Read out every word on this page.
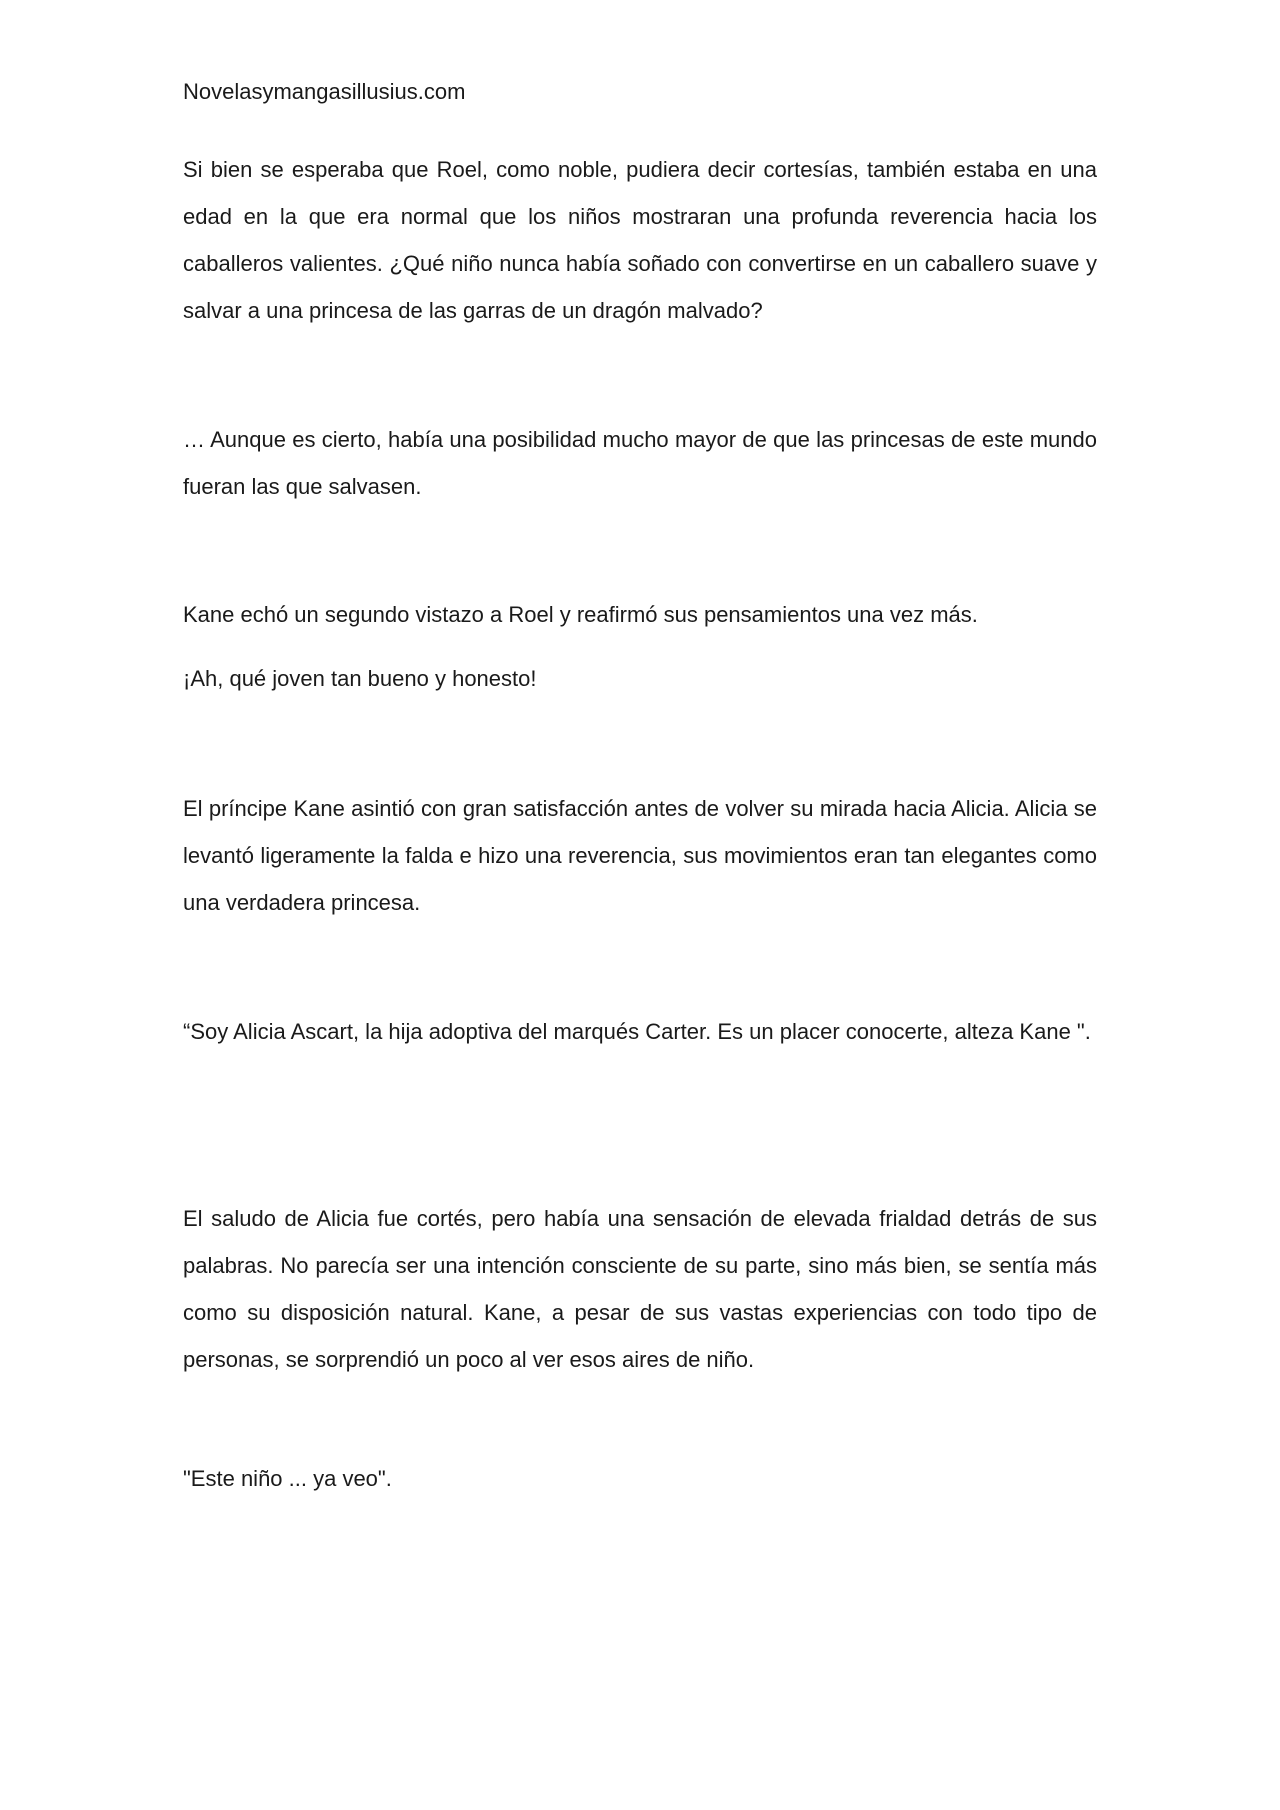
Novelasymangasillusius.com

Si bien se esperaba que Roel, como noble, pudiera decir cortesías, también estaba en una edad en la que era normal que los niños mostraran una profunda reverencia hacia los caballeros valientes. ¿Qué niño nunca había soñado con convertirse en un caballero suave y salvar a una princesa de las garras de un dragón malvado?

… Aunque es cierto, había una posibilidad mucho mayor de que las princesas de este mundo fueran las que salvasen.

Kane echó un segundo vistazo a Roel y reafirmó sus pensamientos una vez más.

¡Ah, qué joven tan bueno y honesto!

El príncipe Kane asintió con gran satisfacción antes de volver su mirada hacia Alicia. Alicia se levantó ligeramente la falda e hizo una reverencia, sus movimientos eran tan elegantes como una verdadera princesa.

“Soy Alicia Ascart, la hija adoptiva del marqués Carter. Es un placer conocerte, alteza Kane ".

El saludo de Alicia fue cortés, pero había una sensación de elevada frialdad detrás de sus palabras. No parecía ser una intención consciente de su parte, sino más bien, se sentía más como su disposición natural. Kane, a pesar de sus vastas experiencias con todo tipo de personas, se sorprendió un poco al ver esos aires de niño.

"Este niño ... ya veo".
